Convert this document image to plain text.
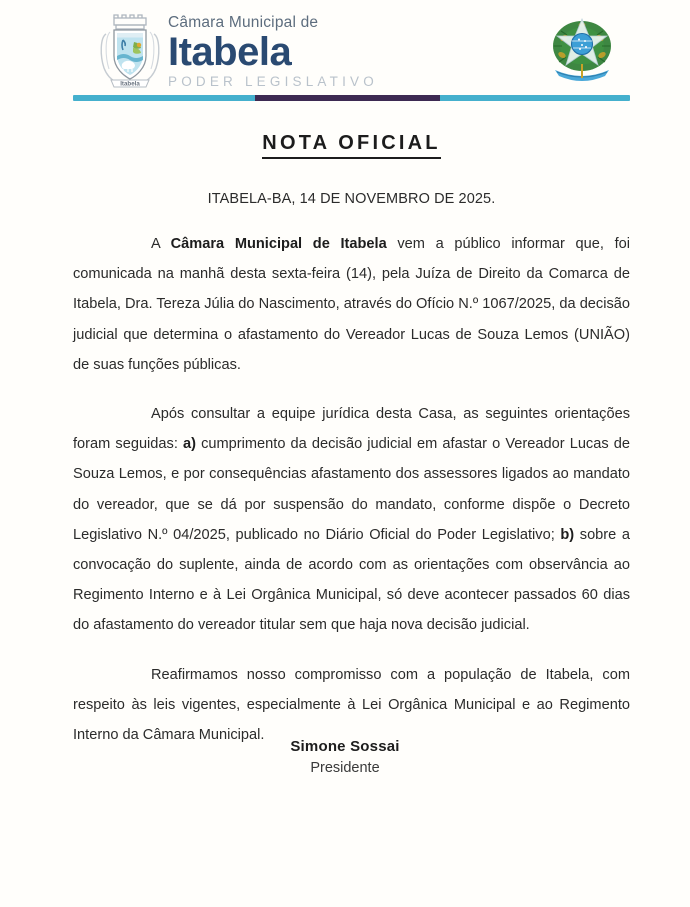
Itabela
Câmara Municipal de
Itabela
PODER LEGISLATIVO
NOTA OFICIAL
ITABELA-BA, 14 DE NOVEMBRO DE 2025.

A Câmara Municipal de Itabela vem a público informar que, foi comunicada na manhã desta sexta-feira (14), pela Juíza de Direito da Comarca de Itabela, Dra. Tereza Júlia do Nascimento, através do Ofício N.º 1067/2025, da decisão judicial que determina o afastamento do Vereador Lucas de Souza Lemos (UNIÃO) de suas funções públicas.

Após consultar a equipe jurídica desta Casa, as seguintes orientações foram seguidas: a) cumprimento da decisão judicial em afastar o Vereador Lucas de Souza Lemos, e por consequências afastamento dos assessores ligados ao mandato do vereador, que se dá por suspensão do mandato, conforme dispõe o Decreto Legislativo N.º 04/2025, publicado no Diário Oficial do Poder Legislativo; b) sobre a convocação do suplente, ainda de acordo com as orientações com observância ao Regimento Interno e à Lei Orgânica Municipal, só deve acontecer passados 60 dias do afastamento do vereador titular sem que haja nova decisão judicial.

Reafirmamos nosso compromisso com a população de Itabela, com respeito às leis vigentes, especialmente à Lei Orgânica Municipal e ao Regimento Interno da Câmara Municipal.

Simone Sossai
Presidente
